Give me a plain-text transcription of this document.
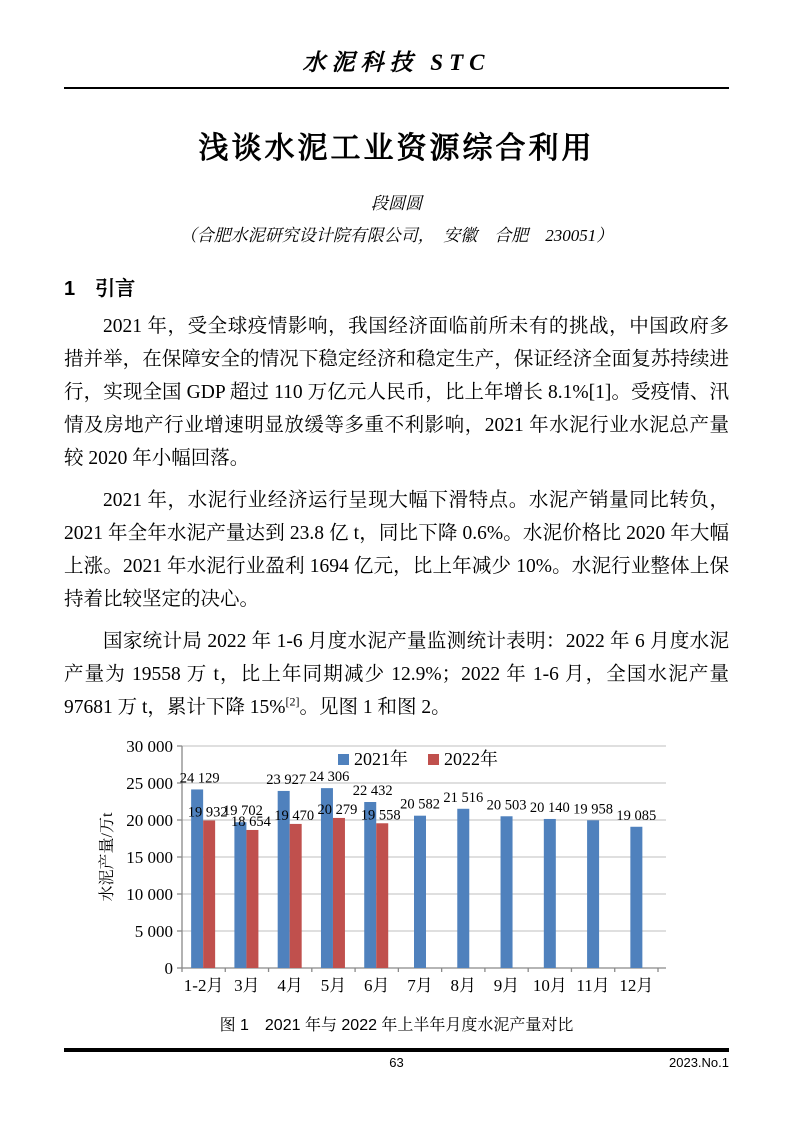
水泥科技 STC
浅谈水泥工业资源综合利用
段圆圆
（合肥水泥研究设计院有限公司，　安徽　合肥　230051）
1　引言

2021 年，受全球疫情影响，我国经济面临前所未有的挑战，中国政府多措并举，在保障安全的情况下稳定经济和稳定生产，保证经济全面复苏持续进行，实现全国 GDP 超过 110 万亿元人民币，比上年增长 8.1%[1]。受疫情、汛情及房地产行业增速明显放缓等多重不利影响，2021 年水泥行业水泥总产量较 2020 年小幅回落。

2021 年，水泥行业经济运行呈现大幅下滑特点。水泥产销量同比转负，2021 年全年水泥产量达到 23.8 亿 t，同比下降 0.6%。水泥价格比 2020 年大幅上涨。2021 年水泥行业盈利 1694 亿元，比上年减少 10%。水泥行业整体上保持着比较坚定的决心。

国家统计局 2022 年 1-6 月度水泥产量监测统计表明：2022 年 6 月度水泥产量为 19558 万 t，比上年同期减少 12.9%；2022 年 1-6 月，全国水泥产量 97681 万 t，累计下降 15%[2]。见图 1 和图 2。

0
5 000
10 000
15 000
20 000
25 000
30 000
1-2月 3月 4月 5月 6月 7月 8月 9月 10月 11月 12月
水泥产量/万t
24 129
19 932
19 702
18 654
23 927
19 470
24 306
20 279
22 432
19 558
20 582 21 516 20 503 20 140 19 958 19 085
2021年 2022年
图 1　2021 年与 2022 年上半年月度水泥产量对比
63	2023.No.1
